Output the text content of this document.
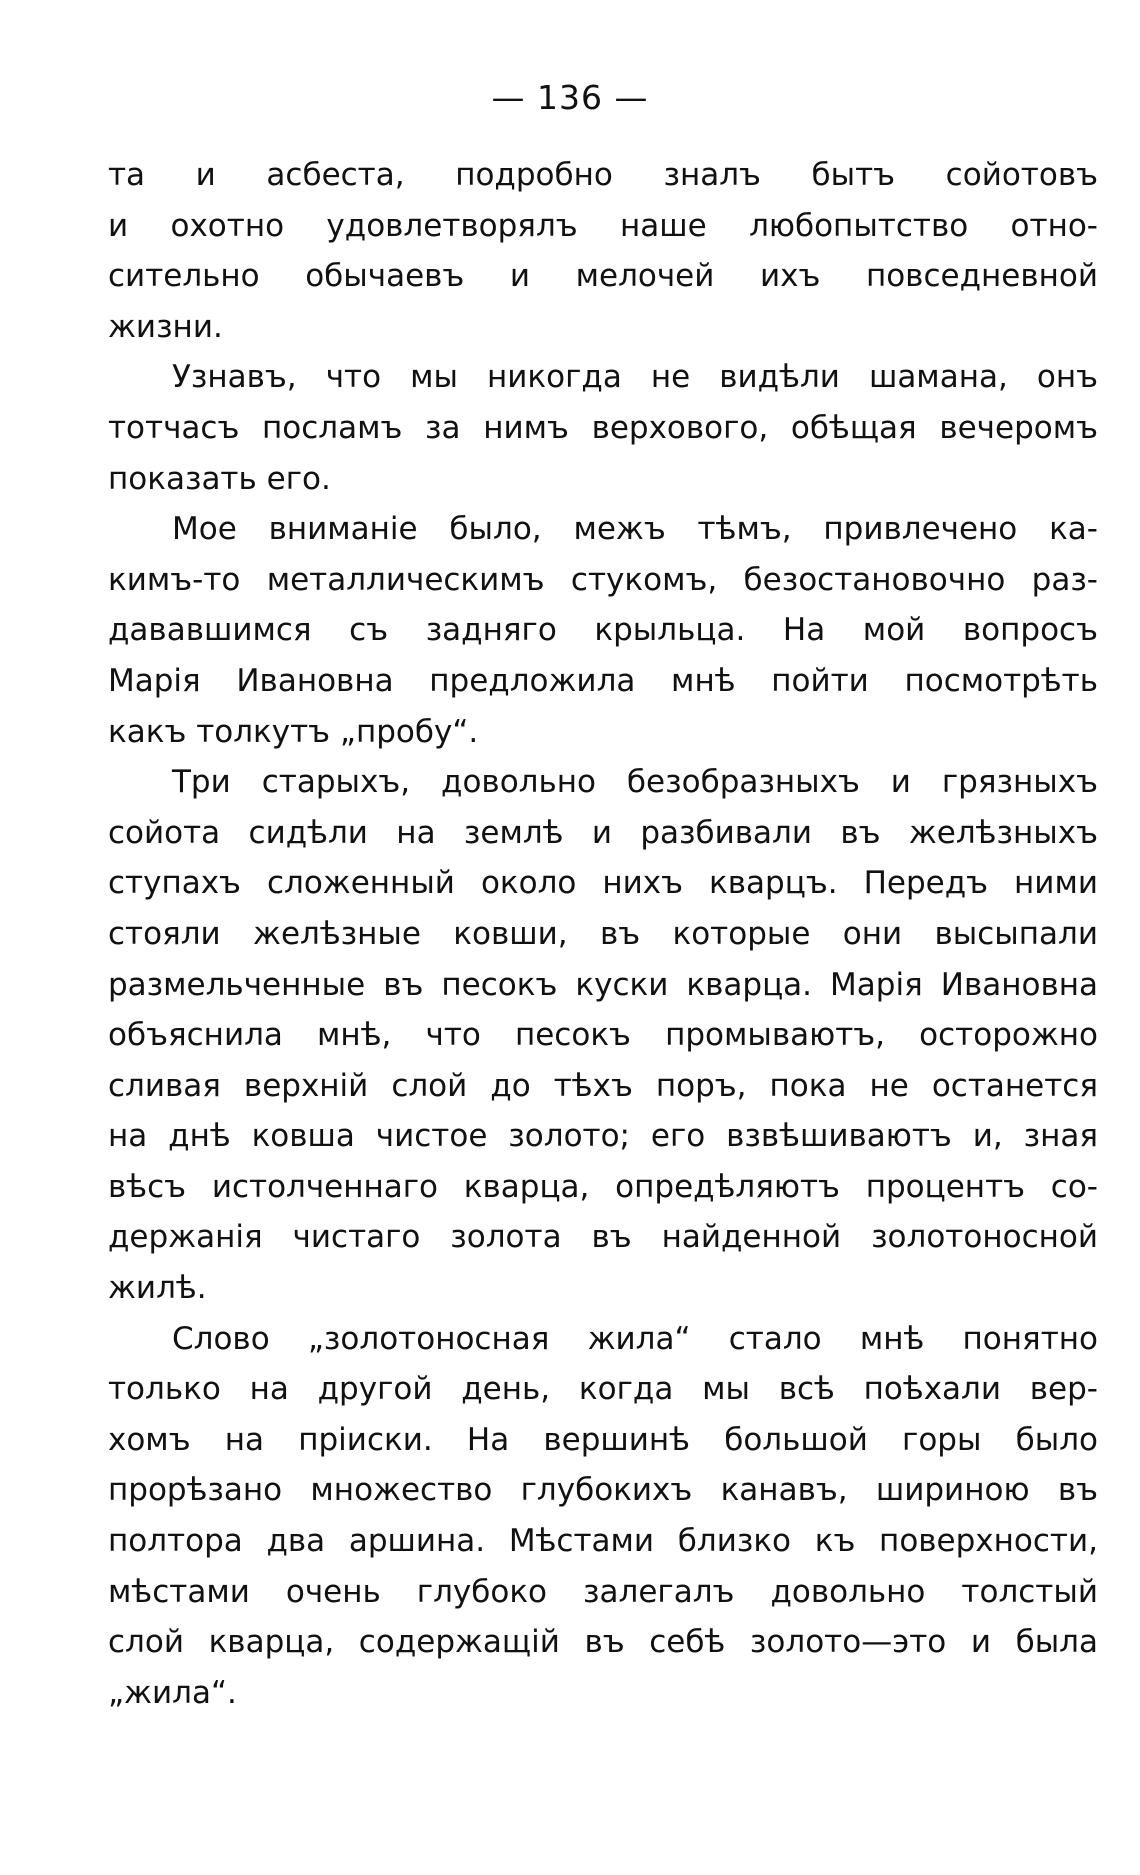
— 136 —
та и асбеста, подробно зналъ бытъ сойотовъ
и охотно удовлетворялъ наше любопытство отно-
сительно обычаевъ и мелочей ихъ повседневной
жизни.
Узнавъ, что мы никогда не видѣли шамана, онъ
тотчасъ посламъ за нимъ верхового, обѣщая вечеромъ
показать его.
Мое вниманіе было, межъ тѣмъ, привлечено ка-
кимъ-то металлическимъ стукомъ, безостановочно раз-
дававшимся съ задняго крыльца. На мой вопросъ
Марія Ивановна предложила мнѣ пойти посмотрѣть
какъ толкутъ „пробу“.
Три старыхъ, довольно безобразныхъ и грязныхъ
сойота сидѣли на землѣ и разбивали въ желѣзныхъ
ступахъ сложенный около нихъ кварцъ. Передъ ними
стояли желѣзные ковши, въ которые они высыпали
размельченные въ песокъ куски кварца. Марія Ивановна
объяснила мнѣ, что песокъ промываютъ, осторожно
сливая верхній слой до тѣхъ поръ, пока не останется
на днѣ ковша чистое золото; его взвѣшиваютъ и, зная
вѣсъ истолченнаго кварца, опредѣляютъ процентъ со-
держанія чистаго золота въ найденной золотоносной
жилѣ.
Слово „золотоносная жила“ стало мнѣ понятно
только на другой день, когда мы всѣ поѣхали вер-
хомъ на пріиски. На вершинѣ большой горы было
прорѣзано множество глубокихъ канавъ, шириною въ
полтора два аршина. Мѣстами близко къ поверхности,
мѣстами очень глубоко залегалъ довольно толстый
слой кварца, содержащій въ себѣ золото—это и была
„жила“.
